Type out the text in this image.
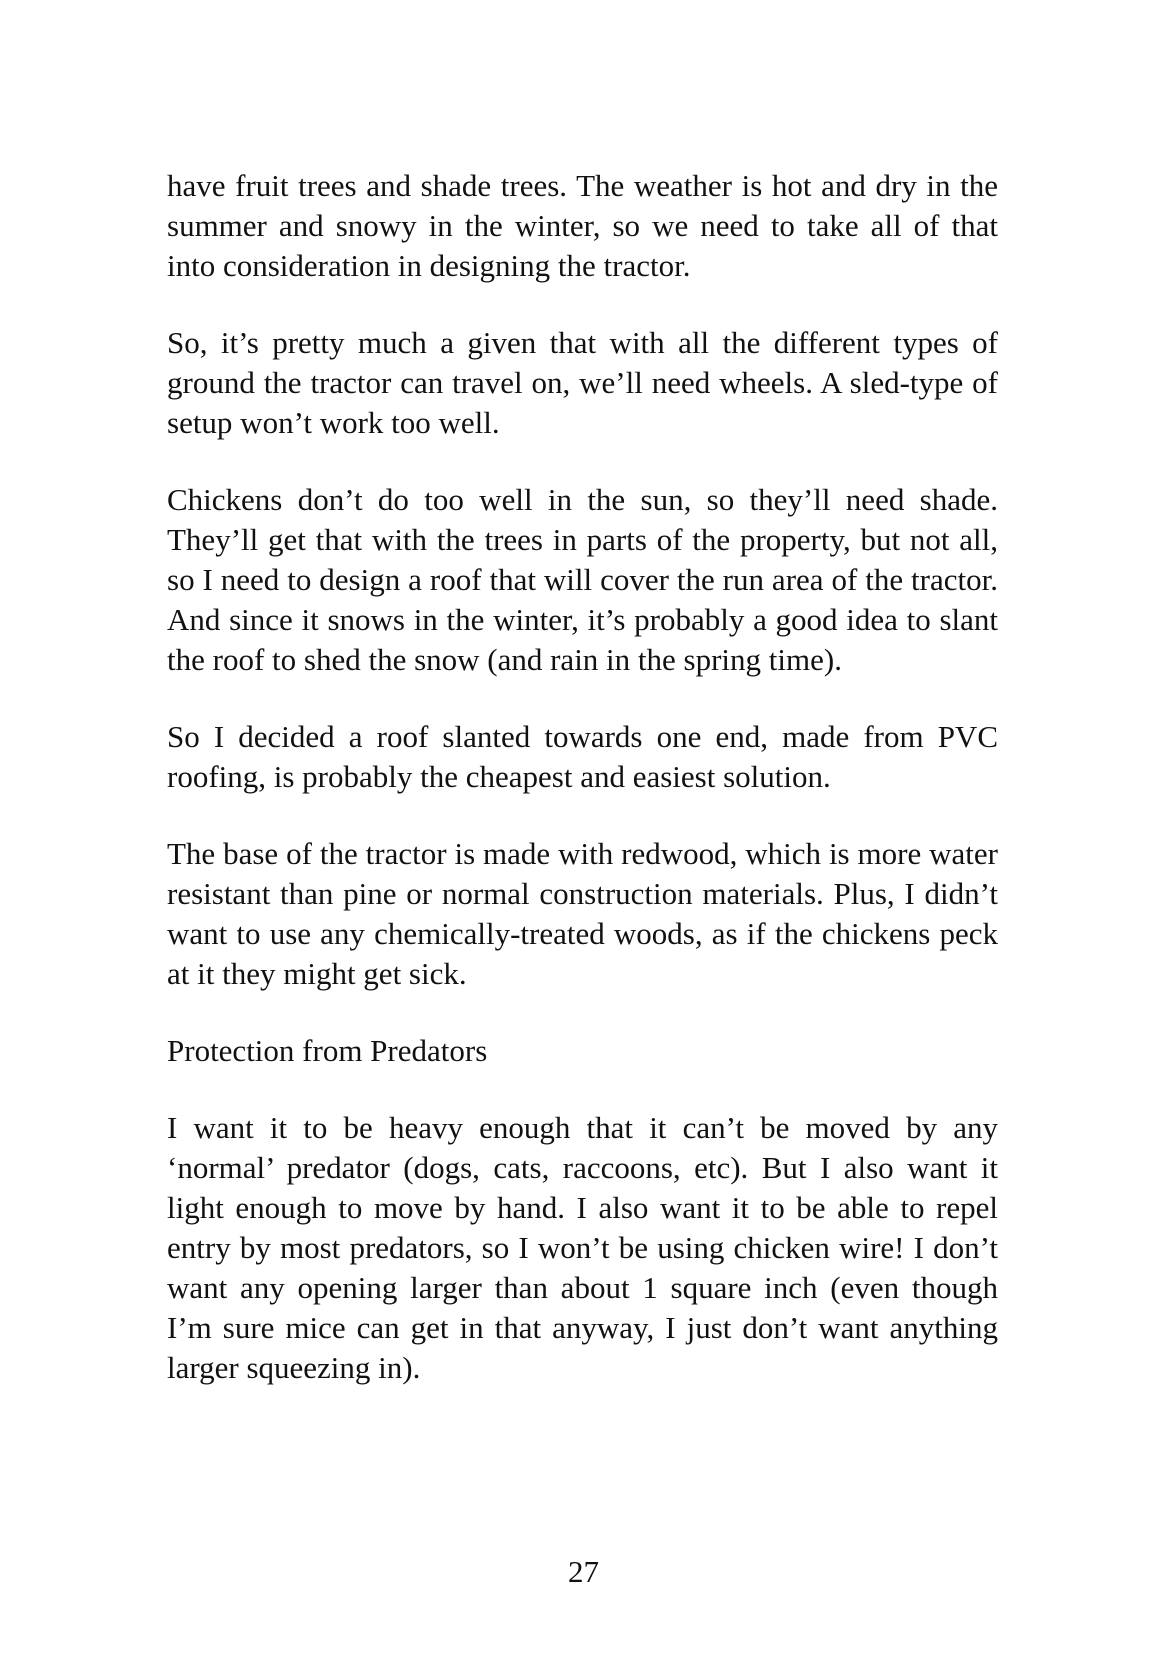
have fruit trees and shade trees. The weather is hot and dry in the summer and snowy in the winter, so we need to take all of that into consideration in designing the tractor.

So, it’s pretty much a given that with all the different types of ground the tractor can travel on, we’ll need wheels. A sled-type of setup won’t work too well.

Chickens don’t do too well in the sun, so they’ll need shade. They’ll get that with the trees in parts of the property, but not all, so I need to design a roof that will cover the run area of the tractor. And since it snows in the winter, it’s probably a good idea to slant the roof to shed the snow (and rain in the spring time).

So I decided a roof slanted towards one end, made from PVC roofing, is probably the cheapest and easiest solution.

The base of the tractor is made with redwood, which is more water resistant than pine or normal construction materials. Plus, I didn’t want to use any chemically-treated woods, as if the chickens peck at it they might get sick.

Protection from Predators

I want it to be heavy enough that it can’t be moved by any ‘normal’ predator (dogs, cats, raccoons, etc). But I also want it light enough to move by hand. I also want it to be able to repel entry by most predators, so I won’t be using chicken wire! I don’t want any opening larger than about 1 square inch (even though I’m sure mice can get in that anyway, I just don’t want anything larger squeezing in).

27
